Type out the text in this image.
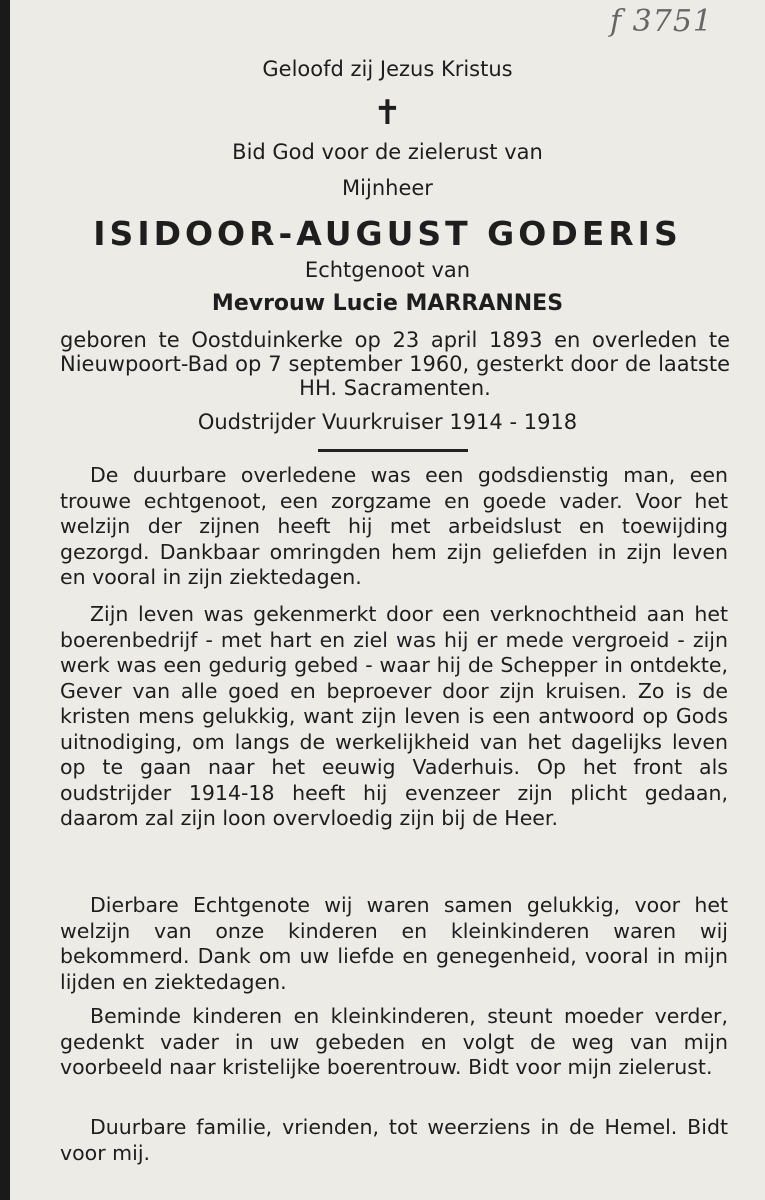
f 3751
Geloofd zij Jezus Kristus
✝
Bid God voor de zielerust van
Mijnheer
ISIDOOR-AUGUST GODERIS
Echtgenoot van
Mevrouw Lucie MARRANNES
geboren te Oostduinkerke op 23 april 1893 en overleden te Nieuwpoort-Bad op 7 september 1960, gesterkt door de laatste HH. Sacramenten.
Oudstrijder Vuurkruiser 1914 - 1918

De duurbare overledene was een godsdienstig man, een trouwe echtgenoot, een zorgzame en goede vader. Voor het welzijn der zijnen heeft hij met arbeidslust en toewijding gezorgd. Dankbaar omringden hem zijn geliefden in zijn leven en vooral in zijn ziektedagen.

Zijn leven was gekenmerkt door een verknochtheid aan het boerenbedrijf - met hart en ziel was hij er mede vergroeid - zijn werk was een gedurig gebed - waar hij de Schepper in ontdekte, Gever van alle goed en beproever door zijn kruisen. Zo is de kristen mens gelukkig, want zijn leven is een antwoord op Gods uitnodiging, om langs de werkelijkheid van het dagelijks leven op te gaan naar het eeuwig Vaderhuis. Op het front als oudstrijder 1914-18 heeft hij evenzeer zijn plicht gedaan, daarom zal zijn loon overvloedig zijn bij de Heer.

Dierbare Echtgenote wij waren samen gelukkig, voor het welzijn van onze kinderen en kleinkinderen waren wij bekommerd. Dank om uw liefde en genegenheid, vooral in mijn lijden en ziektedagen.

Beminde kinderen en kleinkinderen, steunt moeder verder, gedenkt vader in uw gebeden en volgt de weg van mijn voorbeeld naar kristelijke boerentrouw. Bidt voor mijn zielerust.

Duurbare familie, vrienden, tot weerziens in de Hemel. Bidt voor mij.
